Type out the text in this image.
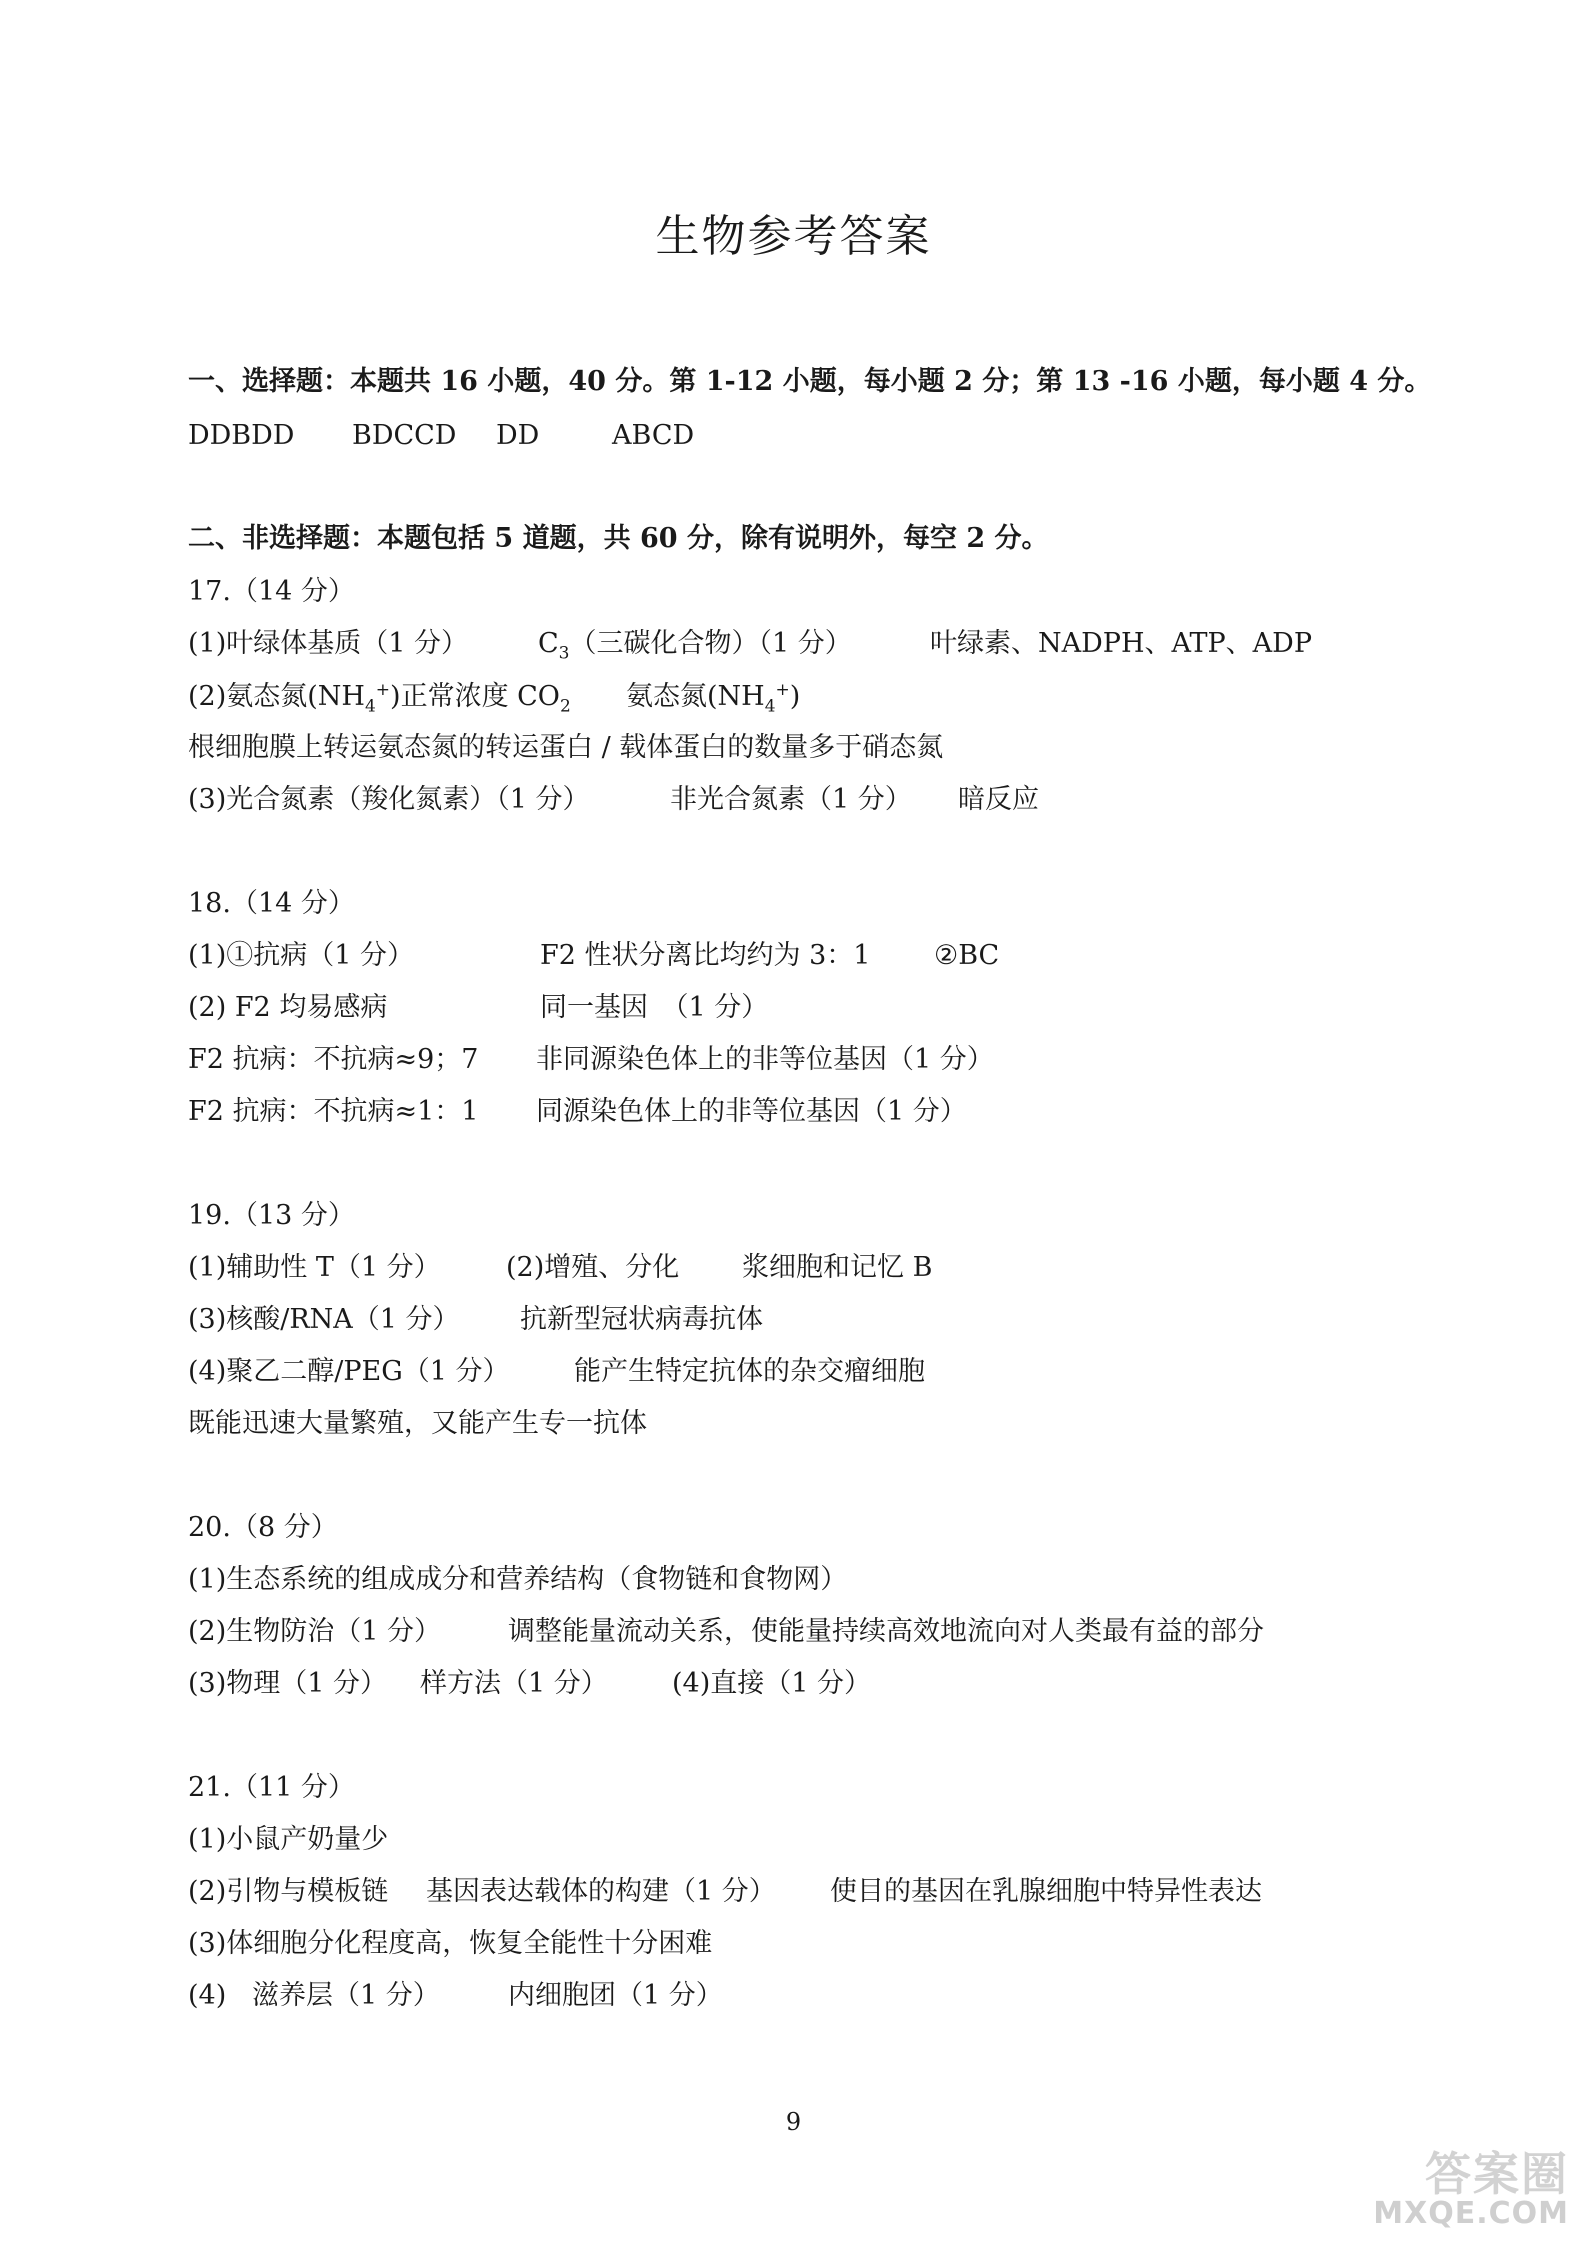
生物参考答案
一、选择题：本题共 16 小题，40 分。第 1-12 小题，每小题 2 分；第 13 -16 小题，每小题 4 分。

DDBDD

BDCCD

DD

	ABCD

二、非选择题：本题包括 5 道题，共 60 分，除有说明外，每空 2 分。
17.（14 分）

(1)叶绿体基质（1 分）

	$C_3$（三碳化合物）（1 分）

	叶绿素、NADPH、ATP、ADP

(2)氨态氮$(NH_4^+)$正常浓度 $CO_2$

氨态氮$(NH_4^+)$

根细胞膜上转运氨态氮的转运蛋白 / 载体蛋白的数量多于硝态氮

(3)光合氮素（羧化氮素）（1 分）

	非光合氮素（1 分）

暗反应

18.（14 分）

(1)①抗病（1 分）

	F2 性状分离比均约为 3：1

②BC

(2) F2 均易感病

	同一基因　（1 分）

F2 抗病：不抗病≈9；7

非同源染色体上的非等位基因（1 分）

F2 抗病：不抗病≈1：1

同源染色体上的非等位基因（1 分）

19.（13 分）

(1)辅助性 T（1 分）

(2)增殖、分化

浆细胞和记忆 B

(3)核酸/RNA（1 分）

抗新型冠状病毒抗体

(4)聚乙二醇/PEG（1 分）

能产生特定抗体的杂交瘤细胞

既能迅速大量繁殖，又能产生专一抗体
20.（8 分）
(1)生态系统的组成成分和营养结构（食物链和食物网）

(2)生物防治（1 分）

调整能量流动关系，使能量持续高效地流向对人类最有益的部分

(3)物理（1 分）

样方法（1 分）

(4)直接（1 分）

21.（11 分）
(1)小鼠产奶量少

(2)引物与模板链

基因表达载体的构建（1 分）

使目的基因在乳腺细胞中特异性表达

(3)体细胞分化程度高，恢复全能性十分困难

(4)

滋养层（1 分）

	内细胞团（1 分）

9
答案圈
MXQE.COM
